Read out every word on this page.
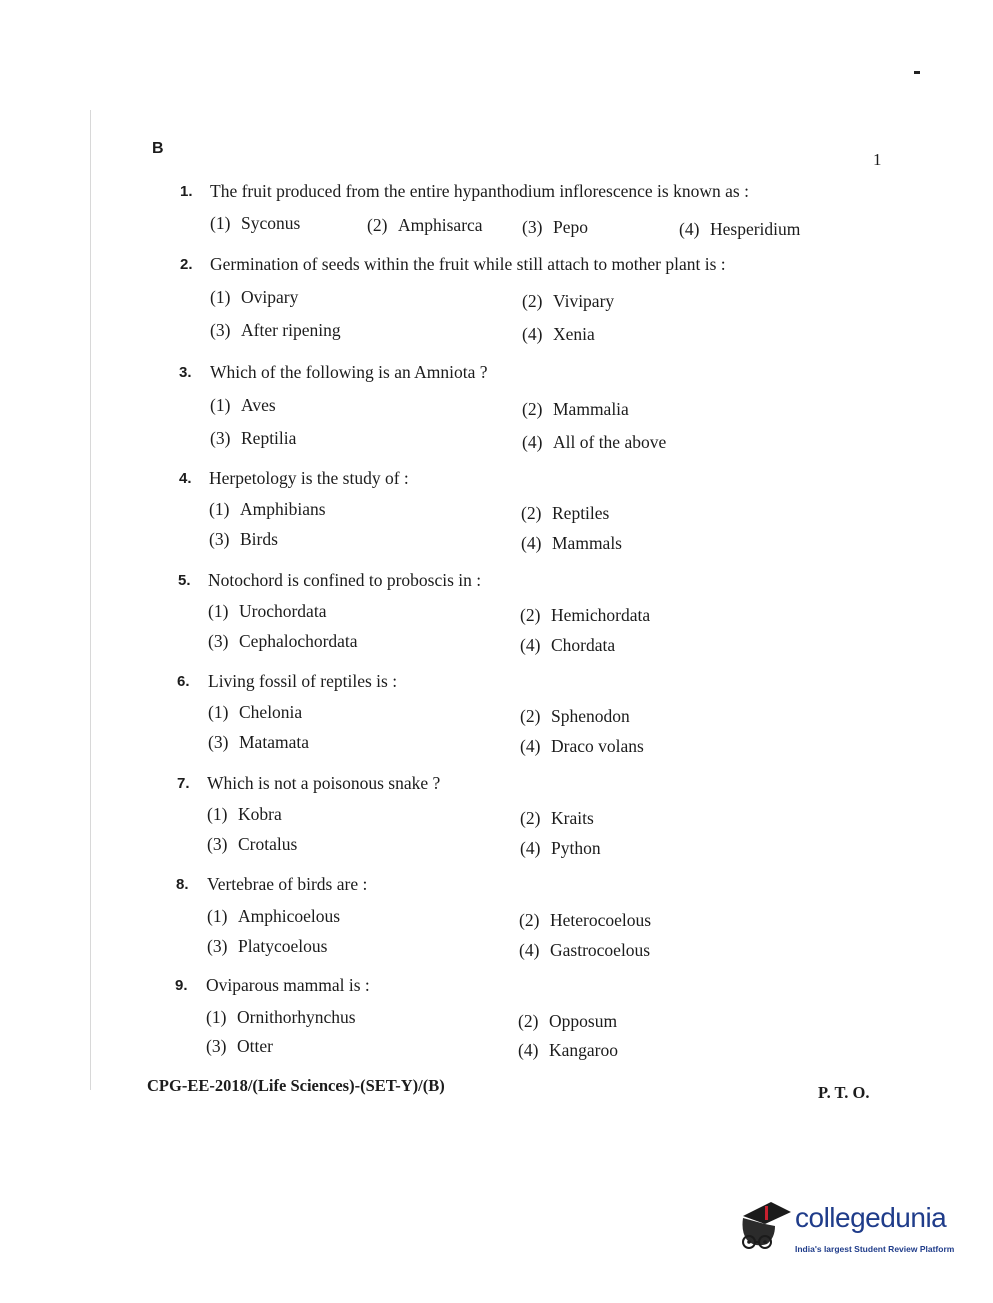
B
1
1. The fruit produced from the entire hypanthodium inflorescence is known as :
(1) Syconus	(2) Amphisarca (3) Pepo	(4) Hesperidium
2. Germination of seeds within the fruit while still attach to mother plant is :
(1) Ovipary	(2) Vivipary
(3) After ripening	(4) Xenia
3.	Which of the following is an Amniota ?
(1) Aves	(2) Mammalia
(3) Reptilia	(4) All of the above
4. Herpetology is the study of :
(1) Amphibians	(2) Reptiles
(3) Birds	(4) Mammals
5. Notochord is confined to proboscis in :
(1) Urochordata	(2) Hemichordata
(3) Cephalochordata	(4) Chordata
6.	Living fossil of reptiles is :
(1) Chelonia	(2) Sphenodon
(3) Matamata	(4) Draco volans
7. Which is not a poisonous snake ?
(1) Kobra	(2) Kraits
(3) Crotalus	(4) Python
8.	Vertebrae of birds are :
(1) Amphicoelous	(2) Heterocoelous
(3) Platycoelous	(4) Gastrocoelous
9.	Oviparous mammal is :
(1) Ornithorhynchus	(2) Opposum
(3) Otter	(4) Kangaroo
CPG-EE-2018/(Life Sciences)-(SET-Y)/(B)	P. T. O.
collegedunia
India's largest Student Review Platform
